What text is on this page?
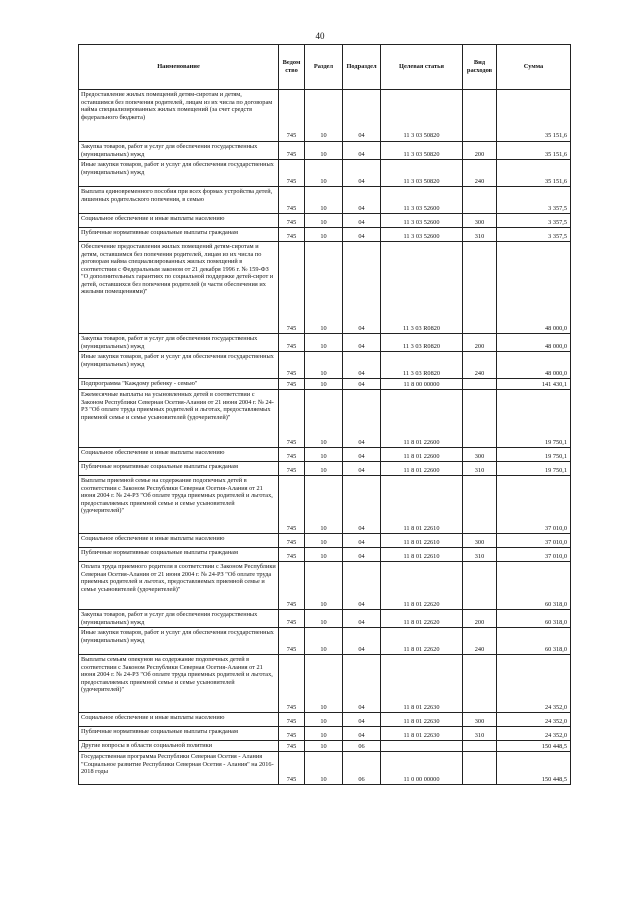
40
Наименование	Ведом ство	Раздел	Подраздел	Целевая статья	Вид расходов	Сумма
Предоставление жилых помещений детям-сиротам и детям, оставшимся без попечения родителей, лицам из их числа по договорам найма специализированных жилых помещений (за счет средств федерального бюджета)	745	10	04	11 3 03 50820		35 151,6
Закупка товаров, работ и услуг для обеспечения государственных (муниципальных) нужд	745	10	04	11 3 03 50820	200	35 151,6
Иные закупки товаров, работ и услуг для обеспечения государственных (муниципальных) нужд	745	10	04	11 3 03 50820	240	35 151,6
Выплата единовременного пособия при всех формах устройства детей, лишенных родительского попечения, в семью	745	10	04	11 3 03 52600		3 357,5
Социальное обеспечение и иные выплаты населению	745	10	04	11 3 03 52600	300	3 357,5
Публичные нормативные социальные выплаты гражданам	745	10	04	11 3 03 52600	310	3 357,5
Обеспечение предоставления жилых помещений детям-сиротам и детям, оставшимся без попечения родителей, лицам из их числа по договорам найма специализированных жилых помещений в соответствии с Федеральным законом от 21 декабря 1996 г. № 159-ФЗ "О дополнительных гарантиях по социальной поддержке детей-сирот и детей, оставшихся без попечения родителей (в части обеспечения их жилыми помещениями)"	745	10	04	11 3 03 R0820		48 000,0
Закупка товаров, работ и услуг для обеспечения государственных (муниципальных) нужд	745	10	04	11 3 03 R0820	200	48 000,0
Иные закупки товаров, работ и услуг для обеспечения государственных (муниципальных) нужд	745	10	04	11 3 03 R0820	240	48 000,0
Подпрограмма "Каждому ребенку - семью"	745	10	04	11 8 00 00000		141 430,1
Ежемесячные выплаты на усыновленных детей в соответствии с Законом Республики Северная Осетия-Алания от 21 июня 2004 г. № 24-РЗ "Об оплате труда приемных родителей и льготах, предоставляемых приемной семье и семье усыновителей (удочерителей)"	745	10	04	11 8 01 22600		19 750,1
Социальное обеспечение и иные выплаты населению	745	10	04	11 8 01 22600	300	19 750,1
Публичные нормативные социальные выплаты гражданам	745	10	04	11 8 01 22600	310	19 750,1
Выплаты приемной семье на содержание подопечных детей в соответствии с Законом Республики Северная Осетия-Алания от 21 июня 2004 г. № 24-РЗ "Об оплате труда приемных родителей и льготах, предоставляемых приемной семье и семье усыновителей (удочерителей)"	745	10	04	11 8 01 22610		37 010,0
Социальное обеспечение и иные выплаты населению	745	10	04	11 8 01 22610	300	37 010,0
Публичные нормативные социальные выплаты гражданам	745	10	04	11 8 01 22610	310	37 010,0
Оплата труда приемного родителя в соответствии с Законом Республики Северная Осетия-Алания от 21 июня 2004 г. № 24-РЗ "Об оплате труда приемных родителей и льготах, предоставляемых приемной семье и семье усыновителей (удочерителей)"	745	10	04	11 8 01 22620		60 318,0
Закупка товаров, работ и услуг для обеспечения государственных (муниципальных) нужд	745	10	04	11 8 01 22620	200	60 318,0
Иные закупки товаров, работ и услуг для обеспечения государственных (муниципальных) нужд	745	10	04	11 8 01 22620	240	60 318,0
Выплаты семьям опекунов на содержание подопечных детей в соответствии с Законом Республики Северная Осетия-Алания от 21 июня 2004 г. № 24-РЗ "Об оплате труда приемных родителей и льготах, предоставляемых приемной семье и семье усыновителей (удочерителей)"	745	10	04	11 8 01 22630		24 352,0
Социальное обеспечение и иные выплаты населению	745	10	04	11 8 01 22630	300	24 352,0
Публичные нормативные социальные выплаты гражданам	745	10	04	11 8 01 22630	310	24 352,0
Другие вопросы в области социальной политики	745	10	06			150 448,5
Государственная программа Республики Северная Осетия - Алания "Социальное развитие Республики Северная Осетия - Алания" на 2016-2018 годы	745	10	06	11 0 00 00000		150 448,5
